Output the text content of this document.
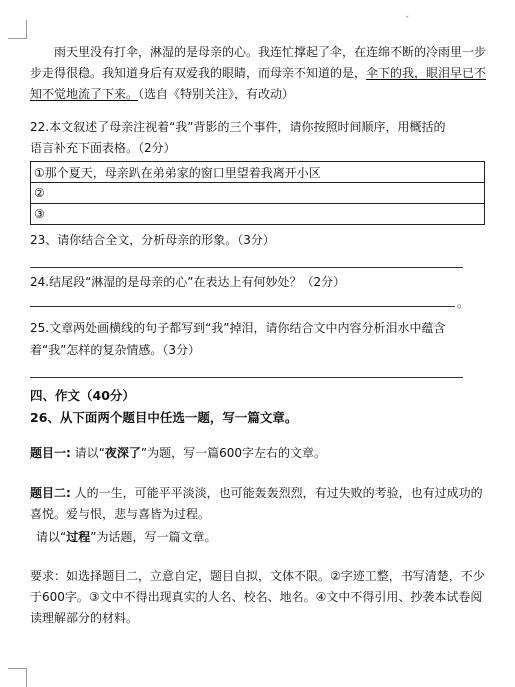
ˇ
雨天里没有打伞，淋湿的是母亲的心。我连忙撑起了伞，在连绵不断的冷雨里一步步走得很稳。我知道身后有双爱我的眼睛，而母亲不知道的是，伞下的我，眼泪早已不知不觉地流了下来。（选自《特别关注》，有改动）
22.本文叙述了母亲注视着“我”背影的三个事件，请你按照时间顺序，用概括的
语言补充下面表格。（2分）
①那个夏天，母亲趴在弟弟家的窗口里望着我离开小区
②
③
23、请你结合全文，分析母亲的形象。（3分）
24.结尾段“淋湿的是母亲的心”在表达上有何妙处？（2分）
。
25.文章两处画横线的句子都写到“我”掉泪，请你结合文中内容分析泪水中蕴含
着“我”怎样的复杂情感。（3分）
四、作文（40分）
26、从下面两个题目中任选一题，写一篇文章。
题目一: 请以“夜深了”为题，写一篇600字左右的文章。
题目二: 人的一生，可能平平淡淡，也可能轰轰烈烈，有过失败的考验，也有过成功的喜悦。爱与恨，悲与喜皆为过程。
请以“过程”为话题，写一篇文章。
要求：如选择题目二，立意自定，题目自拟，文体不限。②字迹工整，书写清楚，不少于600字。③文中不得出现真实的人名、校名、地名。④文中不得引用、抄袭本试卷阅读理解部分的材料。
